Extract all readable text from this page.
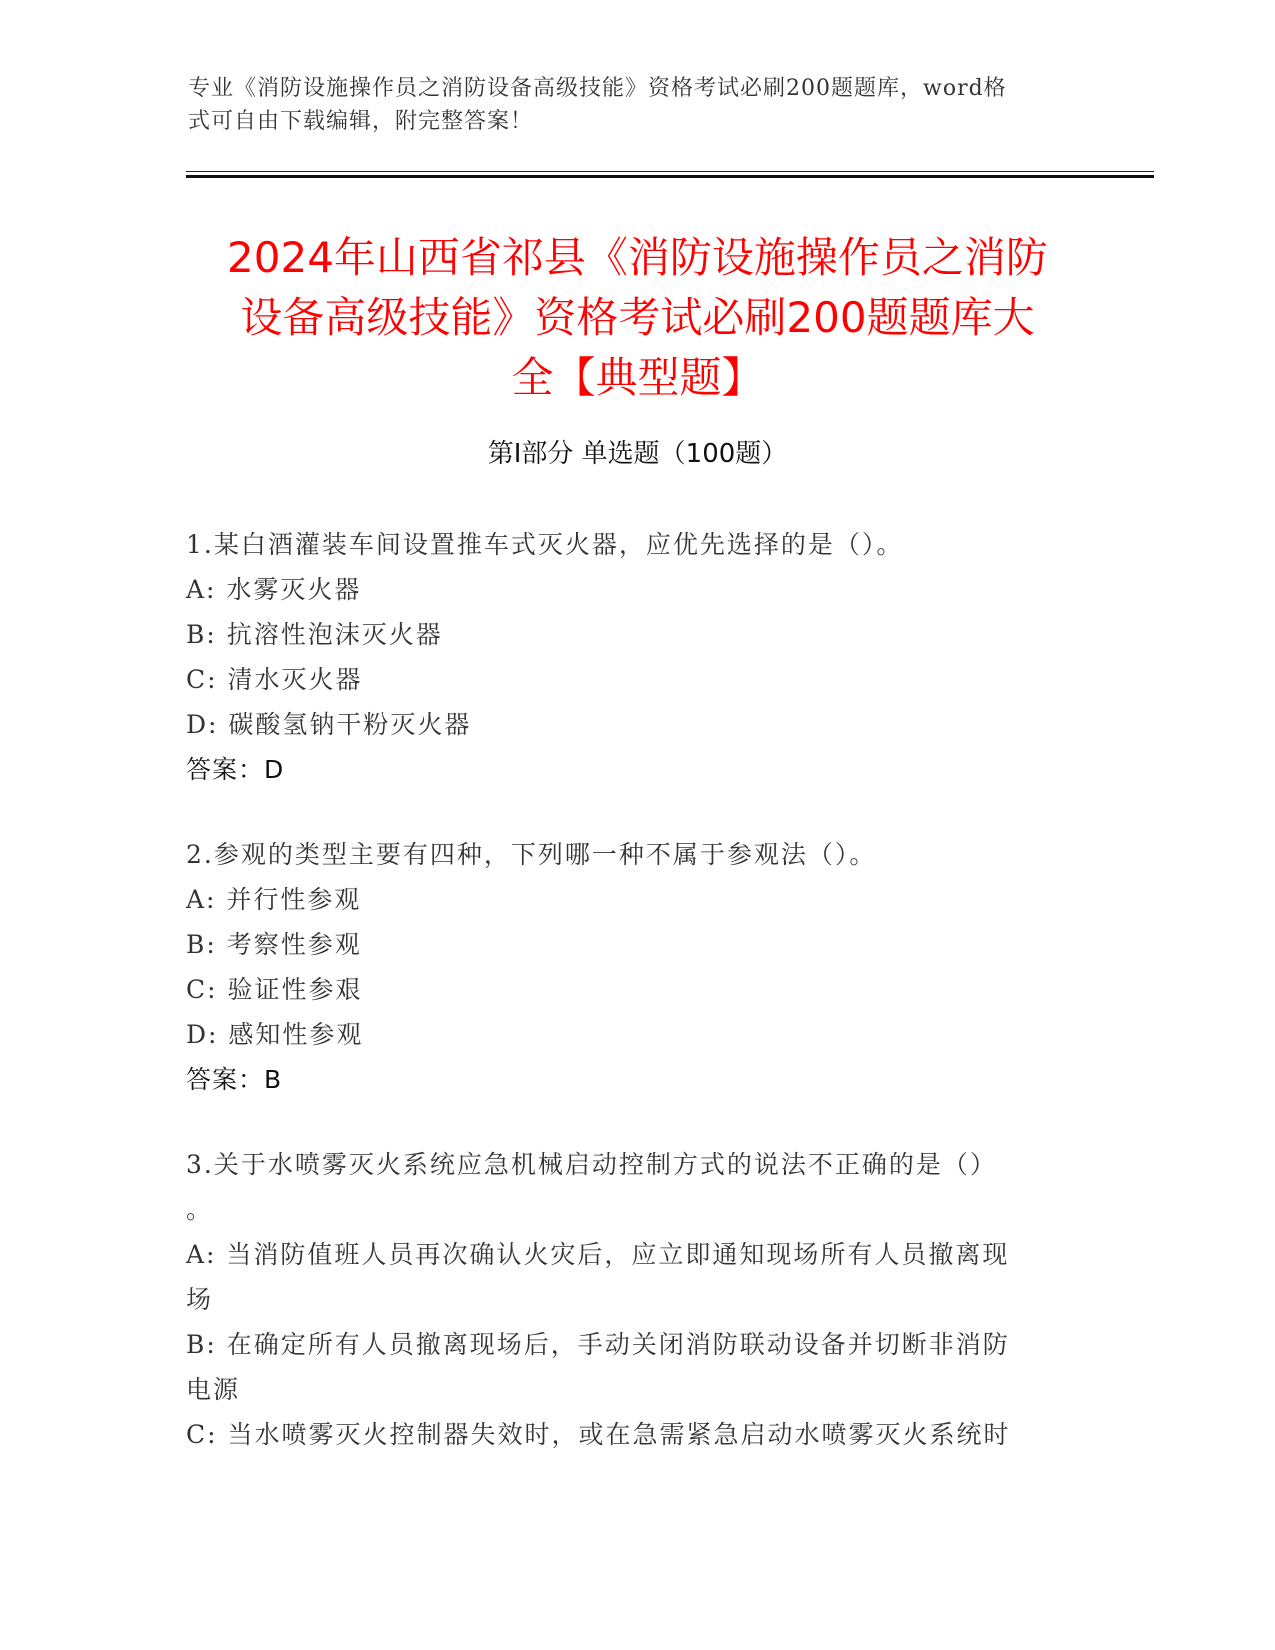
专业《消防设施操作员之消防设备高级技能》资格考试必刷200题题库，word格
式可自由下载编辑，附完整答案！
2024年山西省祁县《消防设施操作员之消防
设备高级技能》资格考试必刷200题题库大
全【典型题】
第Ⅰ部分 单选题（100题）

1.某白酒灌装车间设置推车式灭火器，应优先选择的是（）。

A: 水雾灭火器

B: 抗溶性泡沫灭火器

C: 清水灭火器

D: 碳酸氢钠干粉灭火器

答案：D

2.参观的类型主要有四种，下列哪一种不属于参观法（）。

A: 并行性参观

B: 考察性参观

C: 验证性参艰

D: 感知性参观

答案：B

3.关于水喷雾灭火系统应急机械启动控制方式的说法不正确的是（）

。

A: 当消防值班人员再次确认火灾后，应立即通知现场所有人员撤离现

场

B: 在确定所有人员撤离现场后，手动关闭消防联动设备并切断非消防

电源

C: 当水喷雾灭火控制器失效时，或在急需紧急启动水喷雾灭火系统时
